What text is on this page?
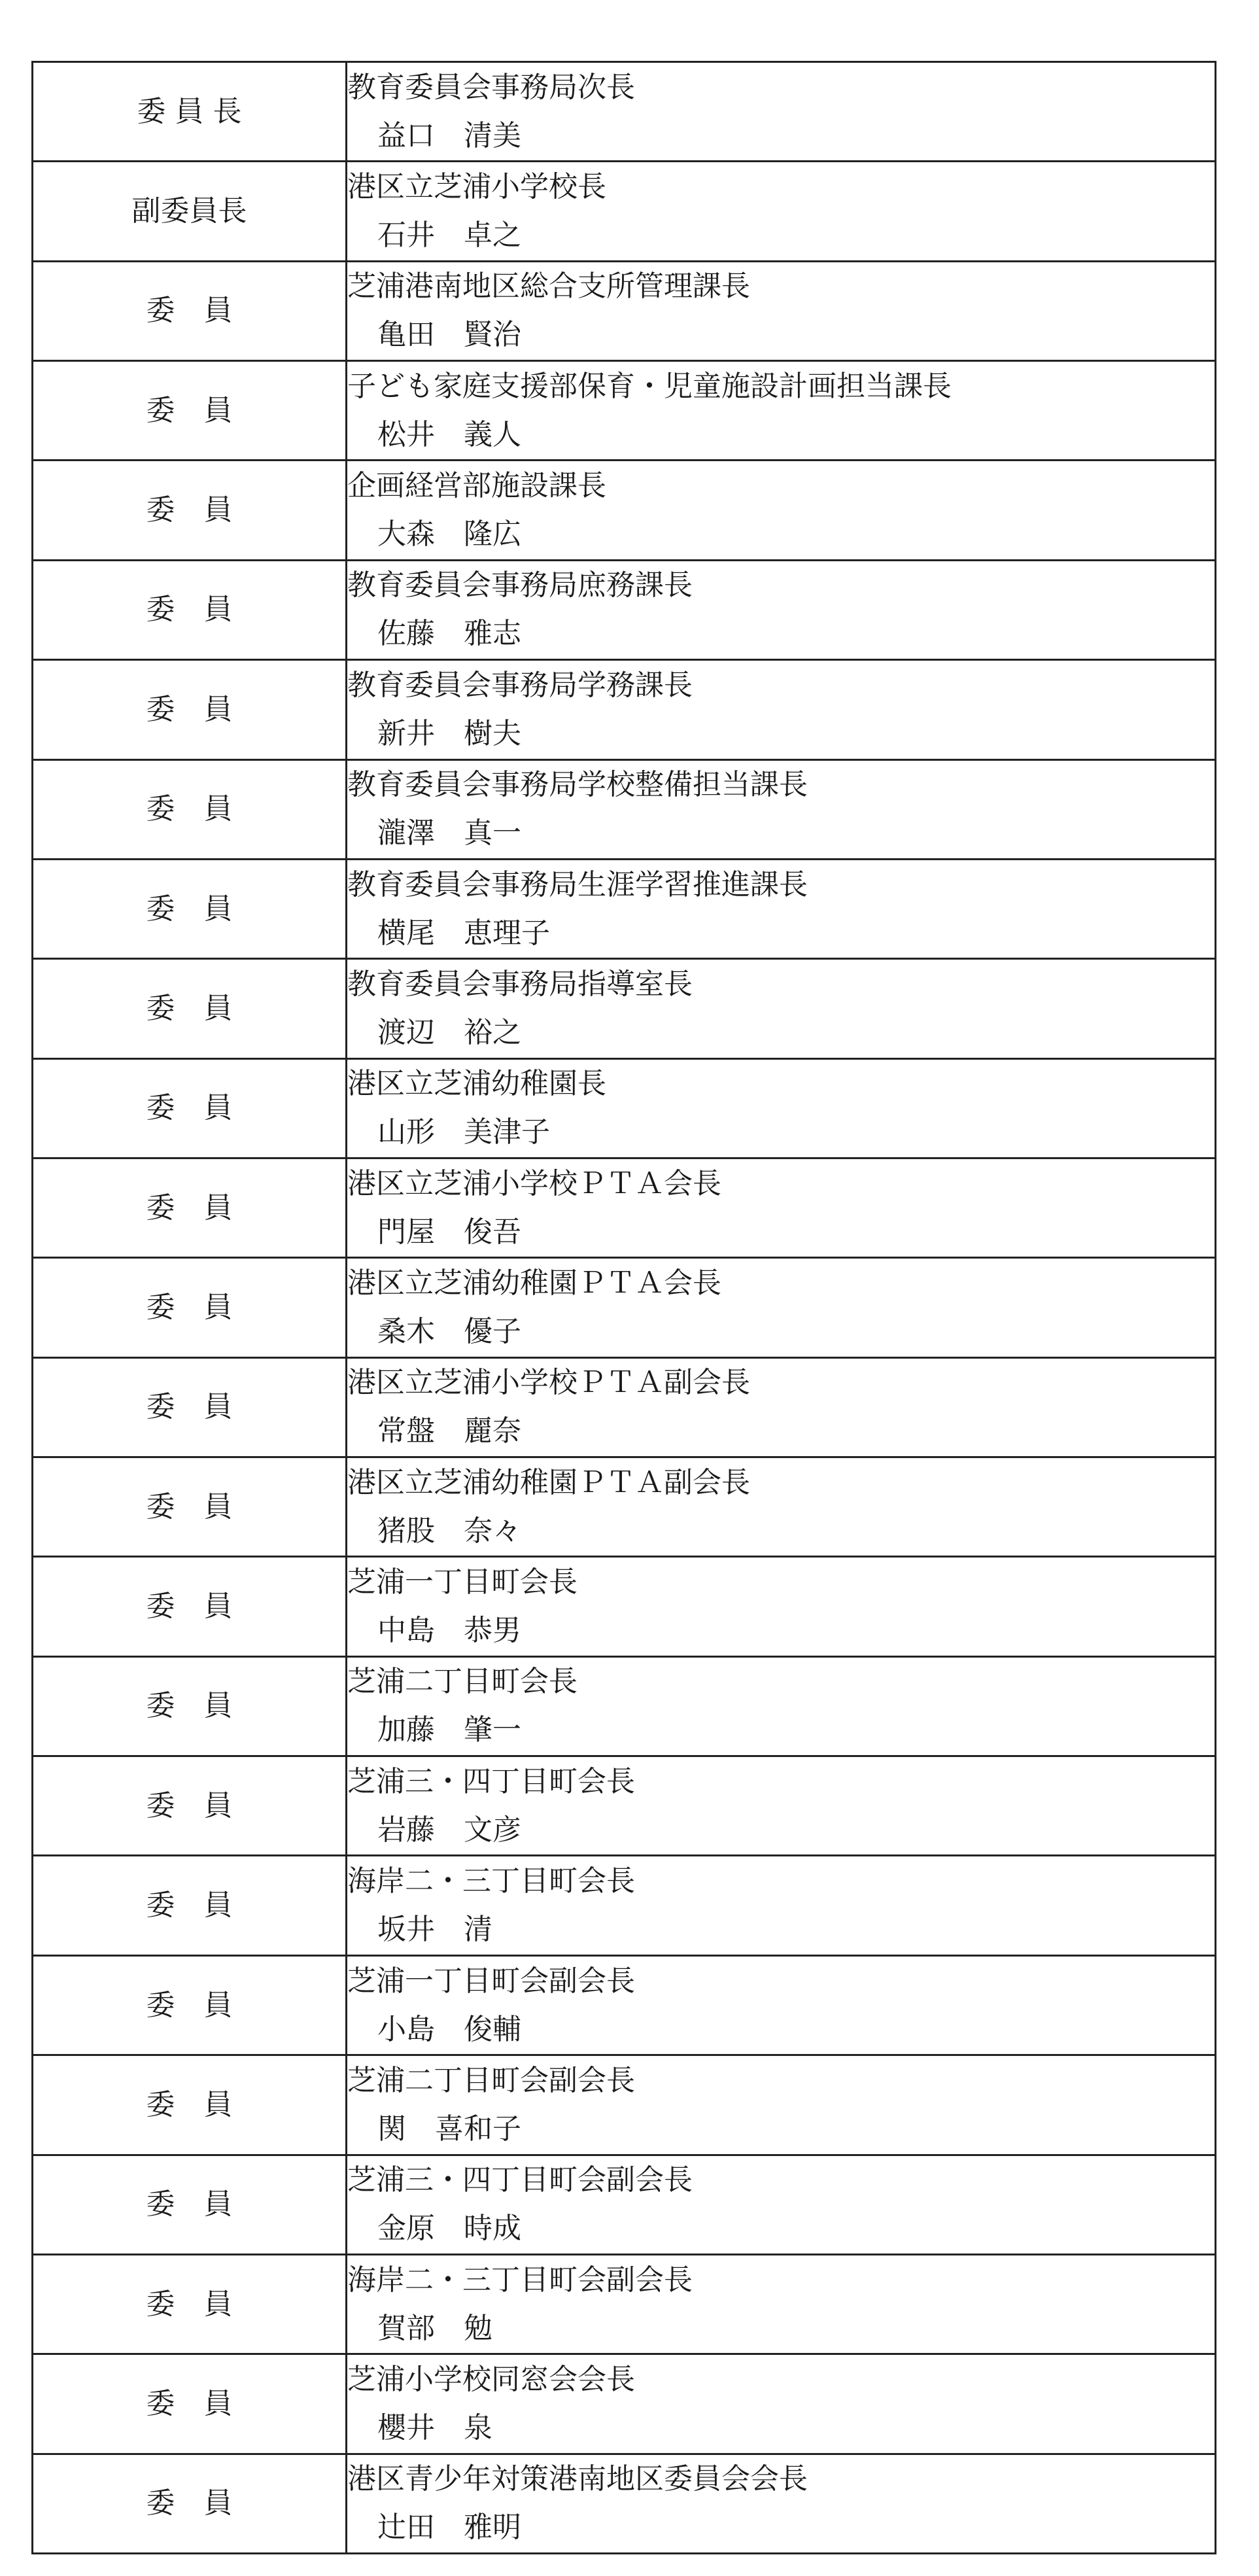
委 員 長	教育委員会事務局次長
益口　清美

副委員長	港区立芝浦小学校長
石井　卓之

委　員	芝浦港南地区総合支所管理課長
亀田　賢治

委　員	子ども家庭支援部保育・児童施設計画担当課長
松井　義人

委　員	企画経営部施設課長
大森　隆広

委　員	教育委員会事務局庶務課長
佐藤　雅志

委　員	教育委員会事務局学務課長
新井　樹夫

委　員	教育委員会事務局学校整備担当課長
瀧澤　真一

委　員	教育委員会事務局生涯学習推進課長
横尾　恵理子

委　員	教育委員会事務局指導室長
渡辺　裕之

委　員	港区立芝浦幼稚園長
山形　美津子

委　員	港区立芝浦小学校ＰＴＡ会長
門屋　俊吾

委　員	港区立芝浦幼稚園ＰＴＡ会長
桑木　優子

委　員	港区立芝浦小学校ＰＴＡ副会長
常盤　麗奈

委　員	港区立芝浦幼稚園ＰＴＡ副会長
猪股　奈々

委　員	芝浦一丁目町会長
中島　恭男

委　員	芝浦二丁目町会長
加藤　肇一

委　員	芝浦三・四丁目町会長
岩藤　文彦

委　員	海岸二・三丁目町会長
坂井　清

委　員	芝浦一丁目町会副会長
小島　俊輔

委　員	芝浦二丁目町会副会長
関　喜和子

委　員	芝浦三・四丁目町会副会長
金原　時成

委　員	海岸二・三丁目町会副会長
賀部　勉

委　員	芝浦小学校同窓会会長
櫻井　泉

委　員	港区青少年対策港南地区委員会会長
辻田　雅明
